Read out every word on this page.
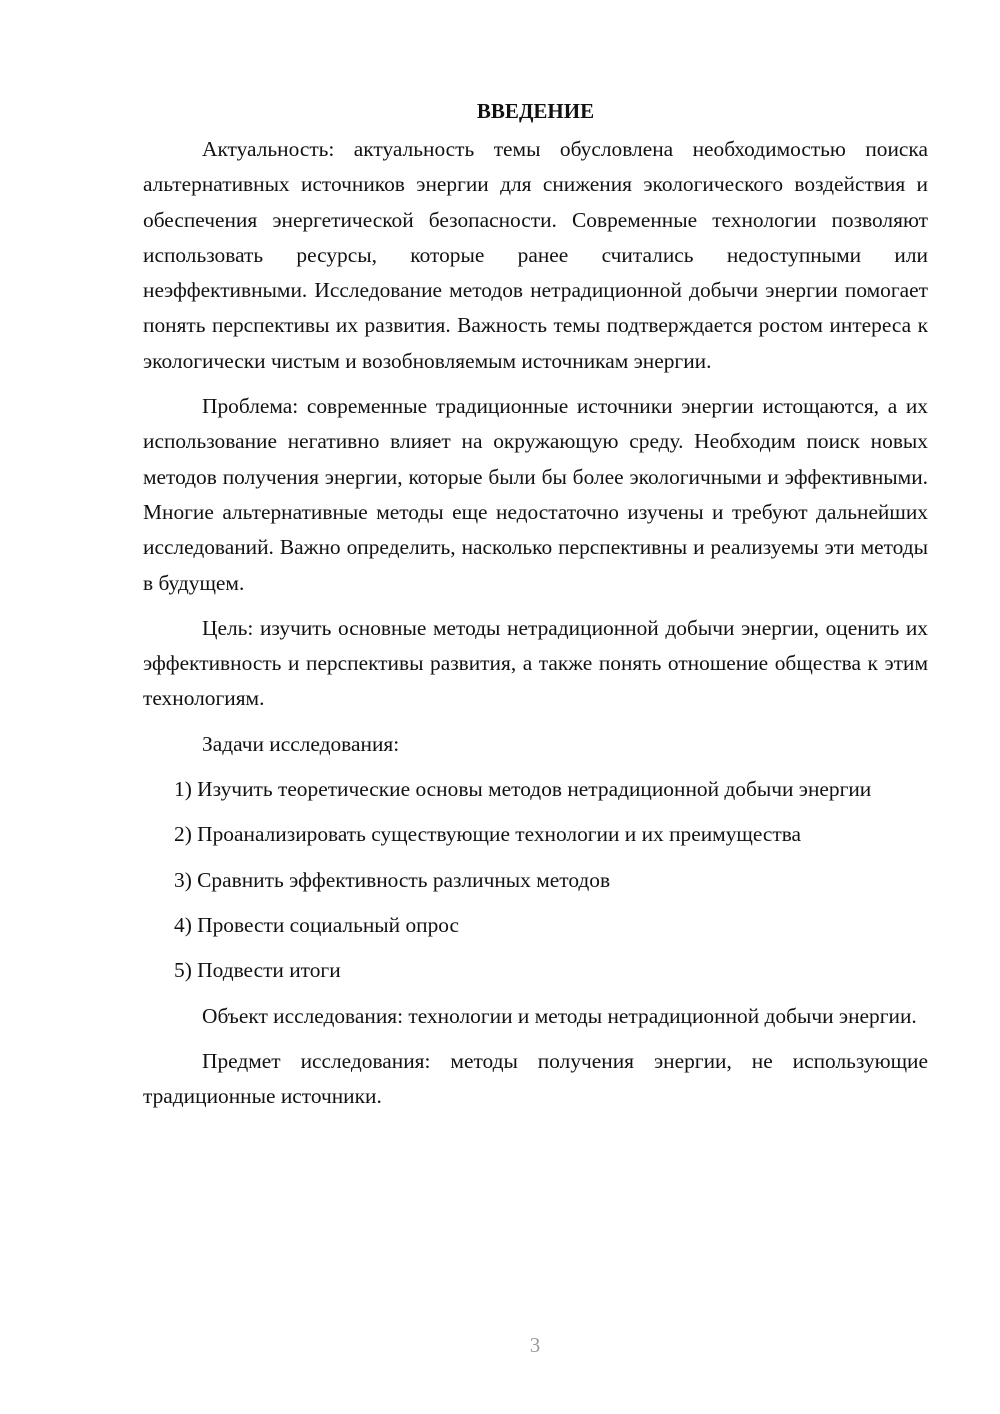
ВВЕДЕНИЕ

Актуальность: актуальность темы обусловлена необходимостью поиска альтернативных источников энергии для снижения экологического воздействия и обеспечения энергетической безопасности. Современные технологии позволяют использовать ресурсы, которые ранее считались недоступными или неэффективными. Исследование методов нетрадиционной добычи энергии помогает понять перспективы их развития. Важность темы подтверждается ростом интереса к экологически чистым и возобновляемым источникам энергии.

Проблема: современные традиционные источники энергии истощаются, а их использование негативно влияет на окружающую среду. Необходим поиск новых методов получения энергии, которые были бы более экологичными и эффективными. Многие альтернативные методы еще недостаточно изучены и требуют дальнейших исследований. Важно определить, насколько перспективны и реализуемы эти методы в будущем.

Цель: изучить основные методы нетрадиционной добычи энергии, оценить их эффективность и перспективы развития, а также понять отношение общества к этим технологиям.

Задачи исследования:

1) Изучить теоретические основы методов нетрадиционной добычи энергии
2) Проанализировать существующие технологии и их преимущества
3) Сравнить эффективность различных методов
4) Провести социальный опрос
5) Подвести итоги

Объект исследования: технологии и методы нетрадиционной добычи энергии.

Предмет исследования: методы получения энергии, не использующие традиционные источники.

3
